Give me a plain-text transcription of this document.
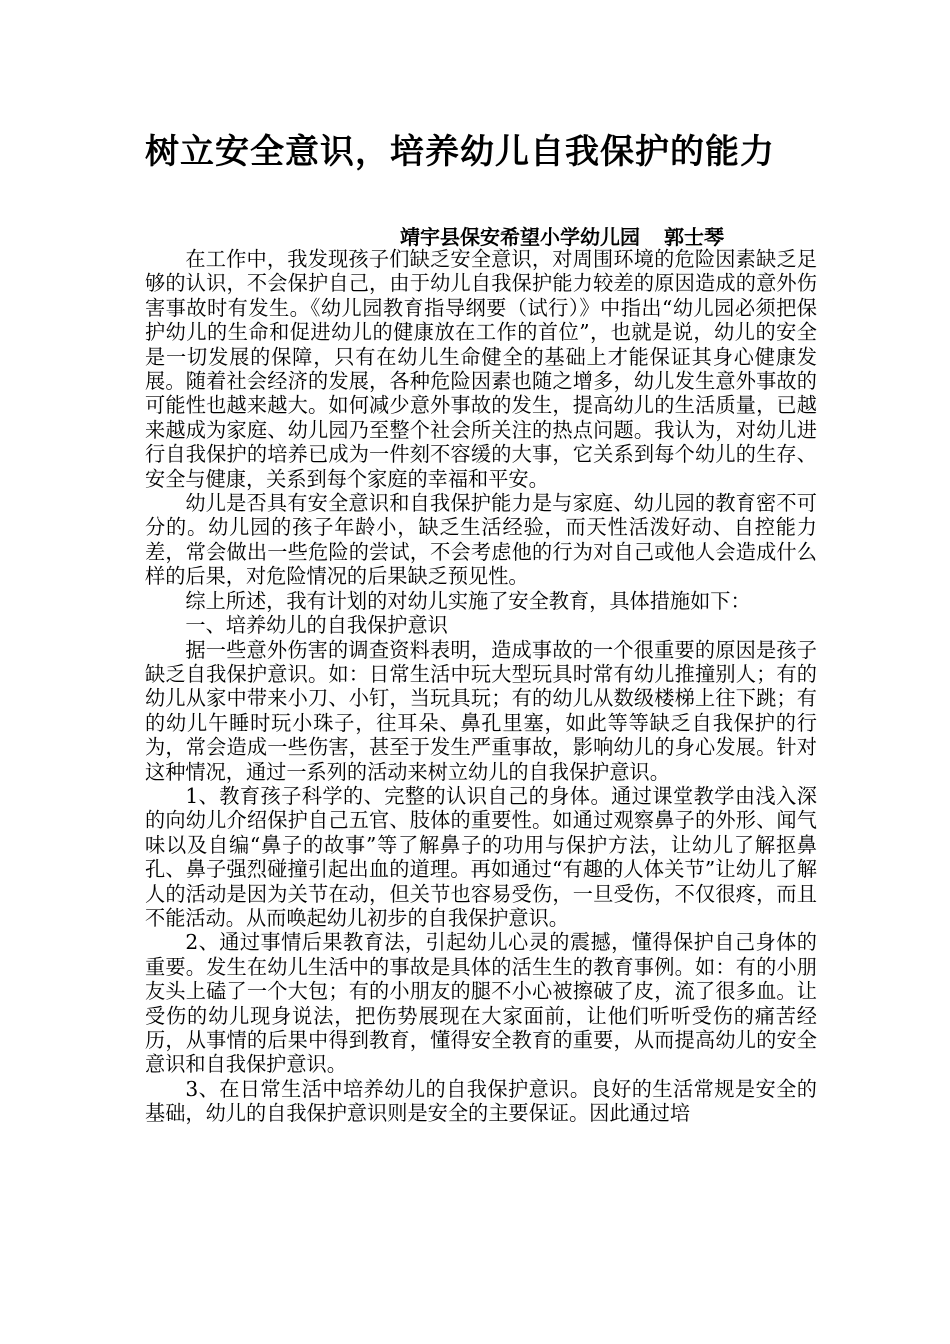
树立安全意识，培养幼儿自我保护的能力
靖宇县保安希望小学幼儿园 郭士琴

在工作中，我发现孩子们缺乏安全意识，对周围环境的危险因素缺乏足够的认识，不会保护自己，由于幼儿自我保护能力较差的原因造成的意外伤害事故时有发生。《幼儿园教育指导纲要（试行）》中指出“幼儿园必须把保护幼儿的生命和促进幼儿的健康放在工作的首位”，也就是说，幼儿的安全是一切发展的保障，只有在幼儿生命健全的基础上才能保证其身心健康发展。随着社会经济的发展，各种危险因素也随之增多，幼儿发生意外事故的可能性也越来越大。如何减少意外事故的发生，提高幼儿的生活质量，已越来越成为家庭、幼儿园乃至整个社会所关注的热点问题。我认为，对幼儿进行自我保护的培养已成为一件刻不容缓的大事，它关系到每个幼儿的生存、安全与健康，关系到每个家庭的幸福和平安。

幼儿是否具有安全意识和自我保护能力是与家庭、幼儿园的教育密不可分的。幼儿园的孩子年龄小，缺乏生活经验，而天性活泼好动、自控能力差，常会做出一些危险的尝试，不会考虑他的行为对自己或他人会造成什么样的后果，对危险情况的后果缺乏预见性。

综上所述，我有计划的对幼儿实施了安全教育，具体措施如下：

一、培养幼儿的自我保护意识

据一些意外伤害的调查资料表明，造成事故的一个很重要的原因是孩子缺乏自我保护意识。如：日常生活中玩大型玩具时常有幼儿推撞别人；有的幼儿从家中带来小刀、小钉，当玩具玩；有的幼儿从数级楼梯上往下跳；有的幼儿午睡时玩小珠子，往耳朵、鼻孔里塞，如此等等缺乏自我保护的行为，常会造成一些伤害，甚至于发生严重事故，影响幼儿的身心发展。针对这种情况，通过一系列的活动来树立幼儿的自我保护意识。

1、教育孩子科学的、完整的认识自己的身体。通过课堂教学由浅入深的向幼儿介绍保护自己五官、肢体的重要性。如通过观察鼻子的外形、闻气味以及自编“鼻子的故事”等了解鼻子的功用与保护方法，让幼儿了解抠鼻孔、鼻子强烈碰撞引起出血的道理。再如通过“有趣的人体关节”让幼儿了解人的活动是因为关节在动，但关节也容易受伤，一旦受伤，不仅很疼，而且不能活动。从而唤起幼儿初步的自我保护意识。

2、通过事情后果教育法，引起幼儿心灵的震撼，懂得保护自己身体的重要。发生在幼儿生活中的事故是具体的活生生的教育事例。如：有的小朋友头上磕了一个大包；有的小朋友的腿不小心被擦破了皮，流了很多血。让受伤的幼儿现身说法，把伤势展现在大家面前，让他们听听受伤的痛苦经历，从事情的后果中得到教育，懂得安全教育的重要，从而提高幼儿的安全意识和自我保护意识。

3、在日常生活中培养幼儿的自我保护意识。良好的生活常规是安全的基础，幼儿的自我保护意识则是安全的主要保证。因此通过培
